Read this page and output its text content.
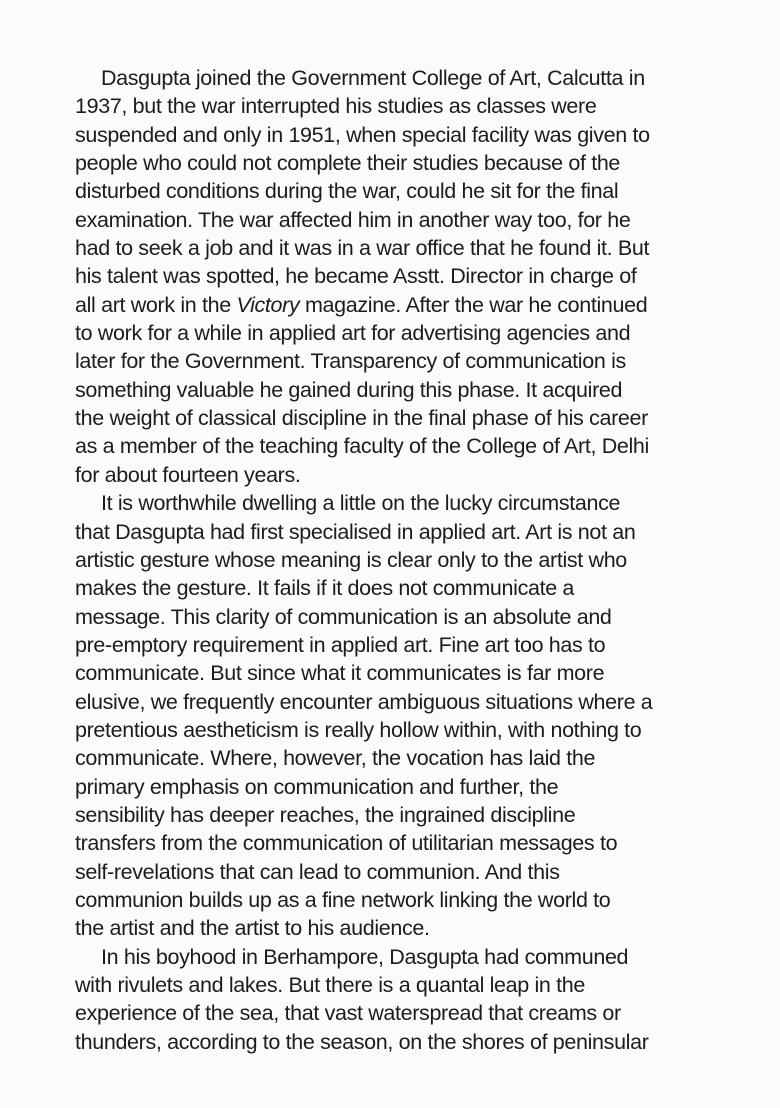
Dasgupta joined the Government College of Art, Calcutta in
1937, but the war interrupted his studies as classes were
suspended and only in 1951, when special facility was given to
people who could not complete their studies because of the
disturbed conditions during the war, could he sit for the final
examination. The war affected him in another way too, for he
had to seek a job and it was in a war office that he found it. But
his talent was spotted, he became Asstt. Director in charge of
all art work in the Victory magazine. After the war he continued
to work for a while in applied art for advertising agencies and
later for the Government. Transparency of communication is
something valuable he gained during this phase. It acquired
the weight of classical discipline in the final phase of his career
as a member of the teaching faculty of the College of Art, Delhi
for about fourteen years.
It is worthwhile dwelling a little on the lucky circumstance
that Dasgupta had first specialised in applied art. Art is not an
artistic gesture whose meaning is clear only to the artist who
makes the gesture. It fails if it does not communicate a
message. This clarity of communication is an absolute and
pre-emptory requirement in applied art. Fine art too has to
communicate. But since what it communicates is far more
elusive, we frequently encounter ambiguous situations where a
pretentious aestheticism is really hollow within, with nothing to
communicate. Where, however, the vocation has laid the
primary emphasis on communication and further, the
sensibility has deeper reaches, the ingrained discipline
transfers from the communication of utilitarian messages to
self-revelations that can lead to communion. And this
communion builds up as a fine network linking the world to
the artist and the artist to his audience.
In his boyhood in Berhampore, Dasgupta had communed
with rivulets and lakes. But there is a quantal leap in the
experience of the sea, that vast waterspread that creams or
thunders, according to the season, on the shores of peninsular
